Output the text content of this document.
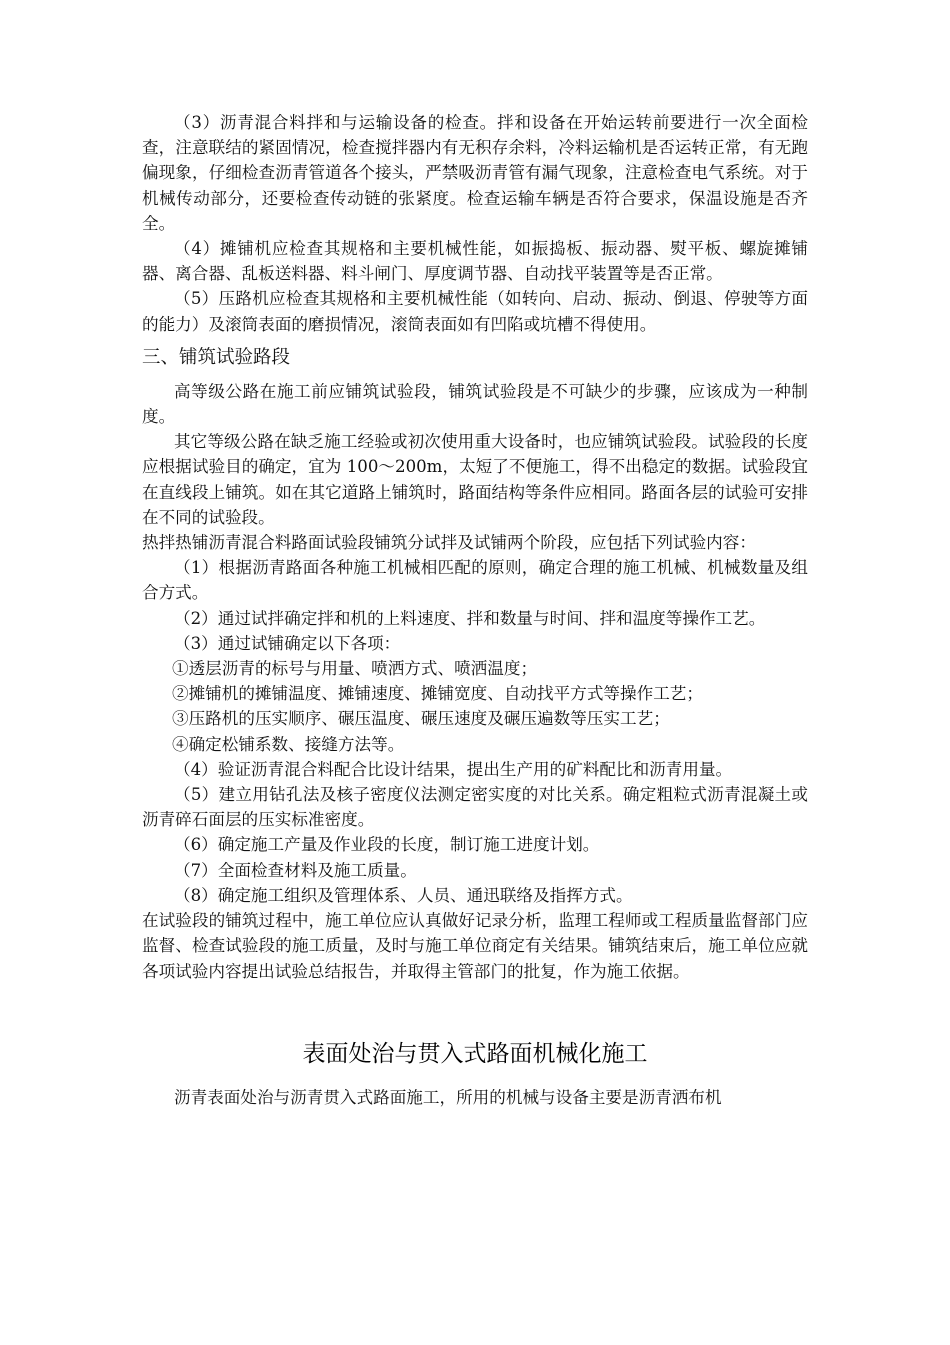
（3）沥青混合料拌和与运输设备的检查。拌和设备在开始运转前要进行一次全面检查，注意联结的紧固情况，检查搅拌器内有无积存余料，冷料运输机是否运转正常，有无跑偏现象，仔细检查沥青管道各个接头，严禁吸沥青管有漏气现象，注意检查电气系统。对于机械传动部分，还要检查传动链的张紧度。检查运输车辆是否符合要求，保温设施是否齐全。

（4）摊铺机应检查其规格和主要机械性能，如振捣板、振动器、熨平板、螺旋摊铺器、离合器、乱板送料器、料斗闸门、厚度调节器、自动找平装置等是否正常。

（5）压路机应检查其规格和主要机械性能（如转向、启动、振动、倒退、停驶等方面的能力）及滚筒表面的磨损情况，滚筒表面如有凹陷或坑槽不得使用。

三、铺筑试验路段

高等级公路在施工前应铺筑试验段，铺筑试验段是不可缺少的步骤，应该成为一种制度。

其它等级公路在缺乏施工经验或初次使用重大设备时，也应铺筑试验段。试验段的长度应根据试验目的确定，宜为 100～200m，太短了不便施工，得不出稳定的数据。试验段宜在直线段上铺筑。如在其它道路上铺筑时，路面结构等条件应相同。路面各层的试验可安排在不同的试验段。

热拌热铺沥青混合料路面试验段铺筑分试拌及试铺两个阶段，应包括下列试验内容：

（1）根据沥青路面各种施工机械相匹配的原则，确定合理的施工机械、机械数量及组合方式。

（2）通过试拌确定拌和机的上料速度、拌和数量与时间、拌和温度等操作工艺。

（3）通过试铺确定以下各项：

①透层沥青的标号与用量、喷洒方式、喷洒温度；

②摊铺机的摊铺温度、摊铺速度、摊铺宽度、自动找平方式等操作工艺；

③压路机的压实顺序、碾压温度、碾压速度及碾压遍数等压实工艺；

④确定松铺系数、接缝方法等。

（4）验证沥青混合料配合比设计结果，提出生产用的矿料配比和沥青用量。

（5）建立用钻孔法及核子密度仪法测定密实度的对比关系。确定粗粒式沥青混凝土或沥青碎石面层的压实标准密度。

（6）确定施工产量及作业段的长度，制订施工进度计划。

（7）全面检查材料及施工质量。

（8）确定施工组织及管理体系、人员、通迅联络及指挥方式。

在试验段的铺筑过程中，施工单位应认真做好记录分析，监理工程师或工程质量监督部门应监督、检查试验段的施工质量，及时与施工单位商定有关结果。铺筑结束后，施工单位应就各项试验内容提出试验总结报告，并取得主管部门的批复，作为施工依据。

表面处治与贯入式路面机械化施工

沥青表面处治与沥青贯入式路面施工，所用的机械与设备主要是沥青洒布机
